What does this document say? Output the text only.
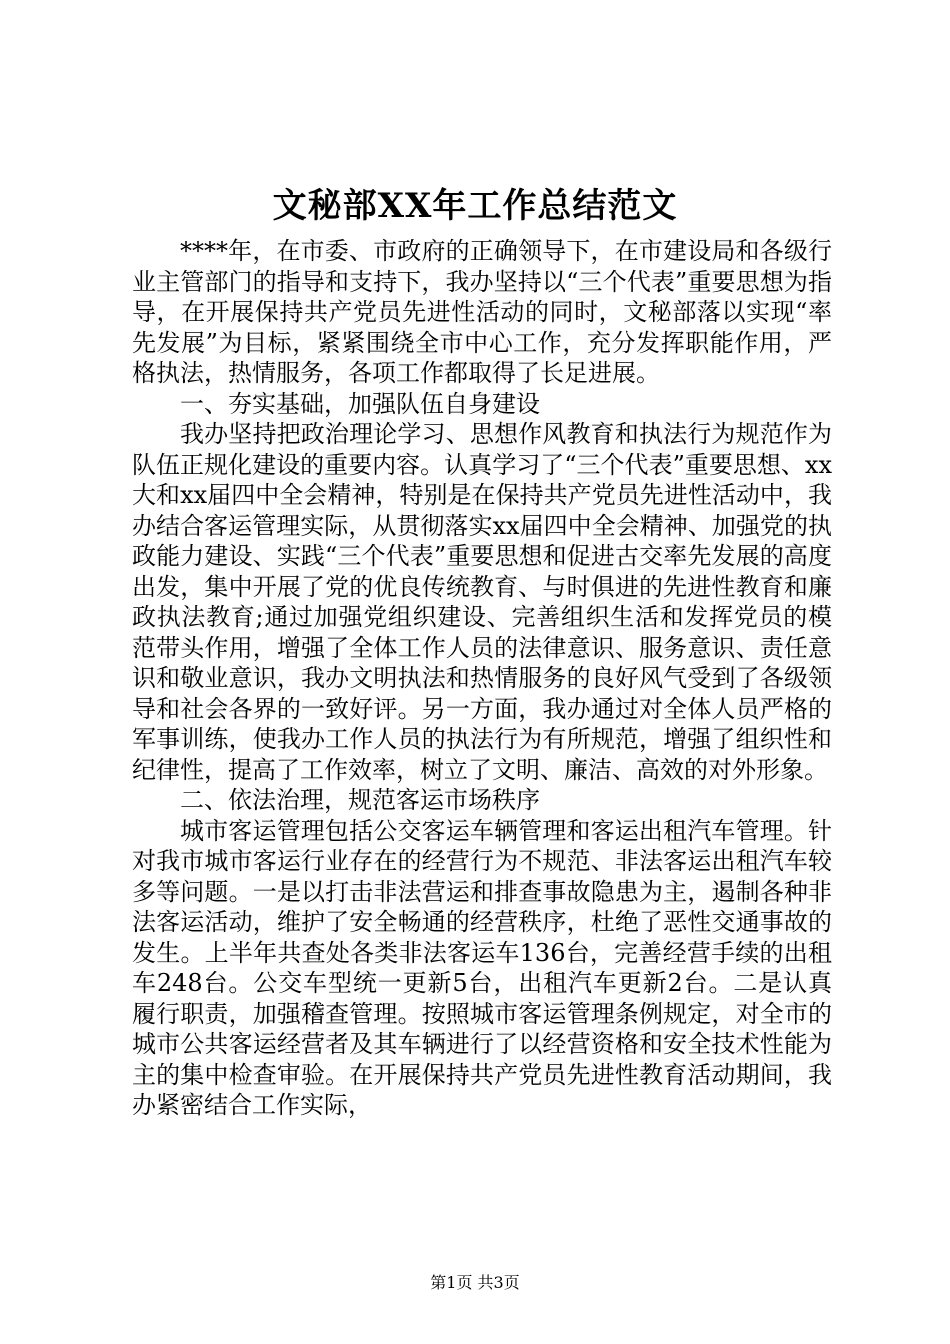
文秘部XX年工作总结范文

****年，在市委、市政府的正确领导下，在市建设局和各级行业主管部门的指导和支持下，我办坚持以“三个代表”重要思想为指导，在开展保持共产党员先进性活动的同时，文秘部落以实现“率先发展”为目标，紧紧围绕全市中心工作，充分发挥职能作用，严格执法，热情服务，各项工作都取得了长足进展。

一、夯实基础，加强队伍自身建设

我办坚持把政治理论学习、思想作风教育和执法行为规范作为队伍正规化建设的重要内容。认真学习了“三个代表”重要思想、xx大和xx届四中全会精神，特别是在保持共产党员先进性活动中，我办结合客运管理实际，从贯彻落实xx届四中全会精神、加强党的执政能力建设、实践“三个代表”重要思想和促进古交率先发展的高度出发，集中开展了党的优良传统教育、与时俱进的先进性教育和廉政执法教育;通过加强党组织建设、完善组织生活和发挥党员的模范带头作用，增强了全体工作人员的法律意识、服务意识、责任意识和敬业意识，我办文明执法和热情服务的良好风气受到了各级领导和社会各界的一致好评。另一方面，我办通过对全体人员严格的军事训练，使我办工作人员的执法行为有所规范，增强了组织性和纪律性，提高了工作效率，树立了文明、廉洁、高效的对外形象。

二、依法治理，规范客运市场秩序

城市客运管理包括公交客运车辆管理和客运出租汽车管理。针对我市城市客运行业存在的经营行为不规范、非法客运出租汽车较多等问题。一是以打击非法营运和排查事故隐患为主，遏制各种非法客运活动，维护了安全畅通的经营秩序，杜绝了恶性交通事故的发生。上半年共查处各类非法客运车136台，完善经营手续的出租车248台。公交车型统一更新5台，出租汽车更新2台。二是认真履行职责，加强稽查管理。按照城市客运管理条例规定，对全市的城市公共客运经营者及其车辆进行了以经营资格和安全技术性能为主的集中检查审验。在开展保持共产党员先进性教育活动期间，我办紧密结合工作实际，

第1页 共3页
